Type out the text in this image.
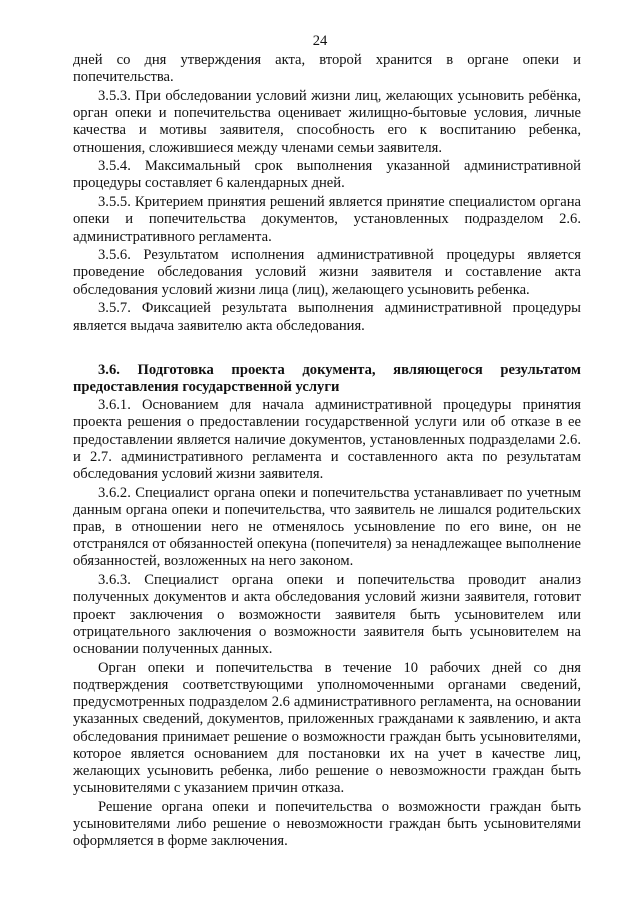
24

дней со дня утверждения акта, второй хранится в органе опеки и попечительства.

3.5.3. При обследовании условий жизни лиц, желающих усыновить ребёнка, орган опеки и попечительства оценивает жилищно-бытовые условия, личные качества и мотивы заявителя, способность его к воспитанию ребенка, отношения, сложившиеся между членами семьи заявителя.

3.5.4. Максимальный срок выполнения указанной административной процедуры составляет 6 календарных дней.

3.5.5. Критерием принятия решений является принятие специалистом органа опеки и попечительства документов, установленных подразделом 2.6. административного регламента.

3.5.6. Результатом исполнения административной процедуры является проведение обследования условий жизни заявителя и составление акта обследования условий жизни лица (лиц), желающего усыновить ребенка.

3.5.7. Фиксацией результата выполнения административной процедуры является выдача заявителю акта обследования.

3.6. Подготовка проекта документа, являющегося результатом предоставления государственной услуги

3.6.1. Основанием для начала административной процедуры принятия проекта решения о предоставлении государственной услуги или об отказе в ее предоставлении является наличие документов, установленных подразделами 2.6. и 2.7. административного регламента и составленного акта по результатам обследования условий жизни заявителя.

3.6.2. Специалист органа опеки и попечительства устанавливает по учетным данным органа опеки и попечительства, что заявитель не лишался родительских прав, в отношении него не отменялось усыновление по его вине, он не отстранялся от обязанностей опекуна (попечителя) за ненадлежащее выполнение обязанностей, возложенных на него законом.

3.6.3. Специалист органа опеки и попечительства проводит анализ полученных документов и акта обследования условий жизни заявителя, готовит проект заключения о возможности заявителя быть усыновителем или отрицательного заключения о возможности заявителя быть усыновителем на основании полученных данных.

Орган опеки и попечительства в течение 10 рабочих дней со дня подтверждения соответствующими уполномоченными органами сведений, предусмотренных подразделом 2.6 административного регламента, на основании указанных сведений, документов, приложенных гражданами к заявлению, и акта обследования принимает решение о возможности граждан быть усыновителями, которое является основанием для постановки их на учет в качестве лиц, желающих усыновить ребенка, либо решение о невозможности граждан быть усыновителями с указанием причин отказа.

Решение органа опеки и попечительства о возможности граждан быть усыновителями либо решение о невозможности граждан быть усыновителями оформляется в форме заключения.
